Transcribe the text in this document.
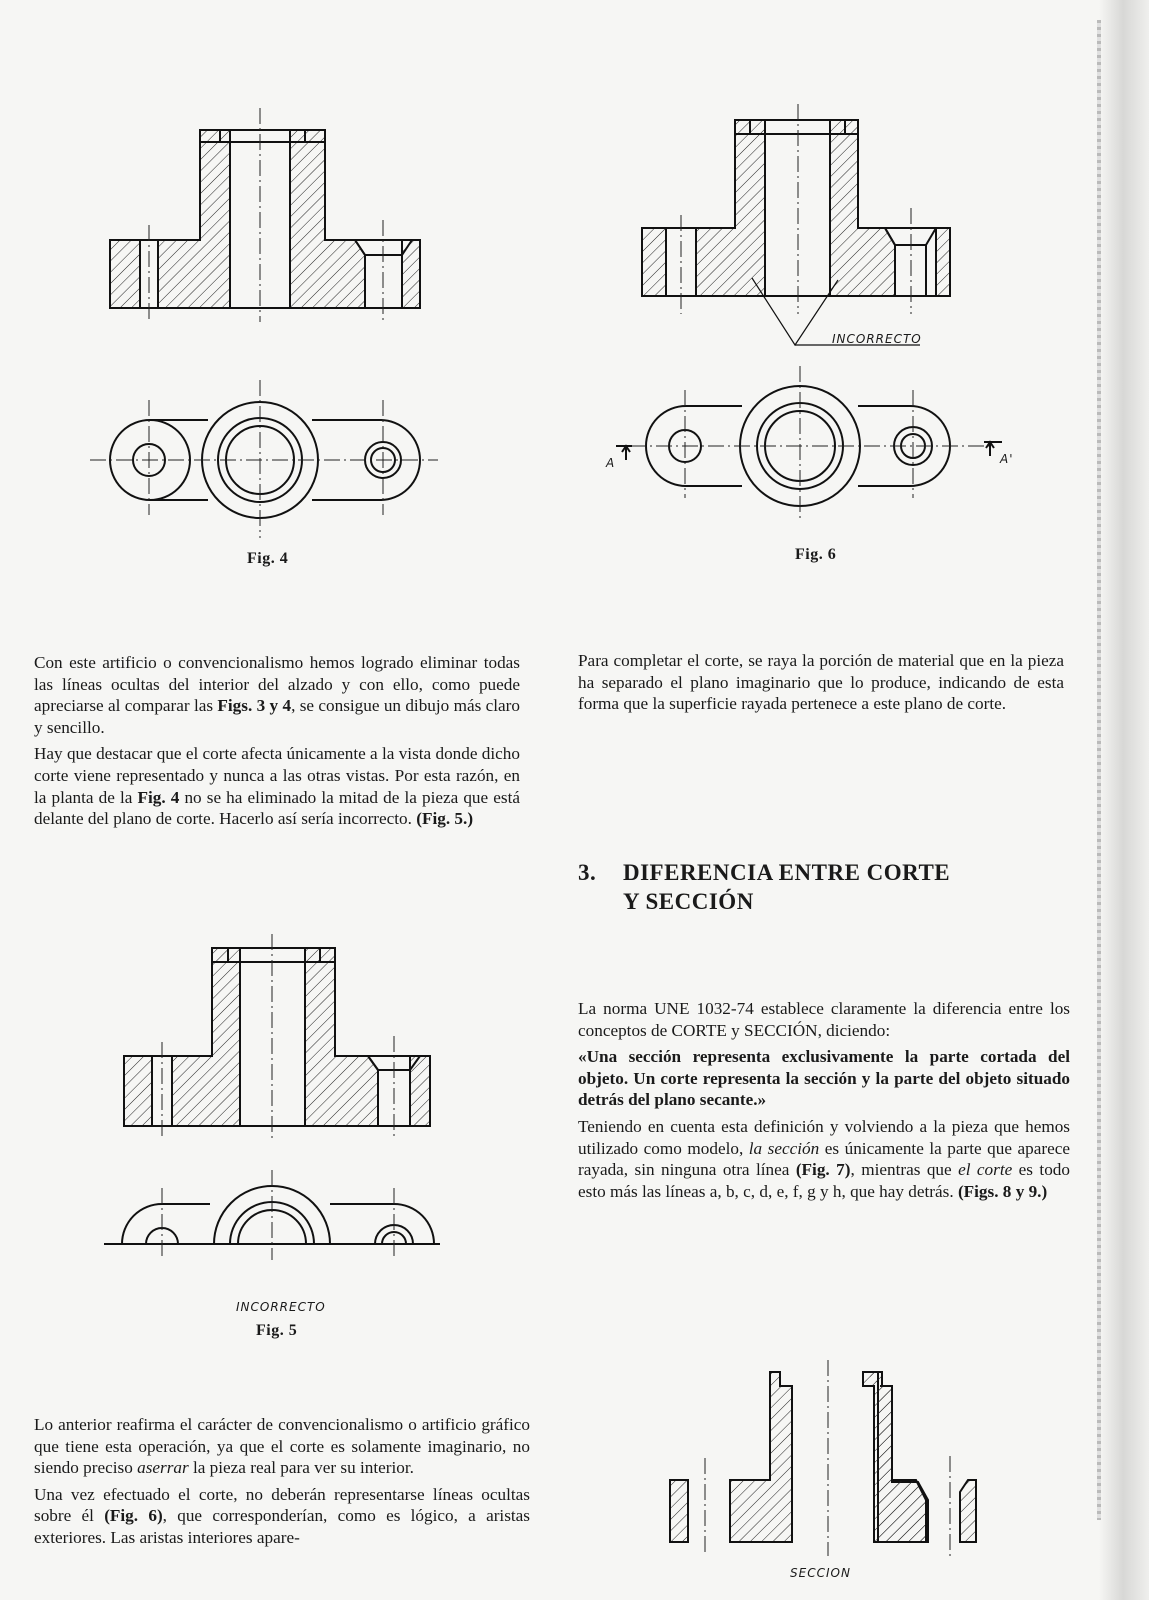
Fig. 4
INCORRECTO
A	A'
Fig. 6

Con este artificio o convencionalismo hemos logrado eliminar todas las líneas ocultas del interior del alzado y con ello, como puede apreciarse al comparar las Figs. 3 y 4, se consigue un dibujo más claro y sencillo.

Hay que destacar que el corte afecta únicamente a la vista donde dicho corte viene representado y nunca a las otras vistas. Por esta razón, en la planta de la Fig. 4 no se ha eliminado la mitad de la pieza que está delante del plano de corte. Hacerlo así sería incorrecto. (Fig. 5.)

Para completar el corte, se raya la porción de material que en la pieza ha separado el plano imaginario que lo produce, indicando de esta forma que la superficie rayada pertenece a este plano de corte.

3. DIFERENCIA ENTRE CORTE
Y SECCIÓN
INCORRECTO
Fig. 5

La norma UNE 1032-74 establece claramente la diferencia entre los conceptos de CORTE y SECCIÓN, diciendo:

«Una sección representa exclusivamente la parte cortada del objeto. Un corte representa la sección y la parte del objeto situado detrás del plano secante.»

Teniendo en cuenta esta definición y volviendo a la pieza que hemos utilizado como modelo, la sección es únicamente la parte que aparece rayada, sin ninguna otra línea (Fig. 7), mientras que el corte es todo esto más las líneas a, b, c, d, e, f, g y h, que hay detrás. (Figs. 8 y 9.)

Lo anterior reafirma el carácter de convencionalismo o artificio gráfico que tiene esta operación, ya que el corte es solamente imaginario, no siendo preciso aserrar la pieza real para ver su interior.

Una vez efectuado el corte, no deberán representarse líneas ocultas sobre él (Fig. 6), que corresponderían, como es lógico, a aristas exteriores. Las aristas interiores apare-

SECCION
